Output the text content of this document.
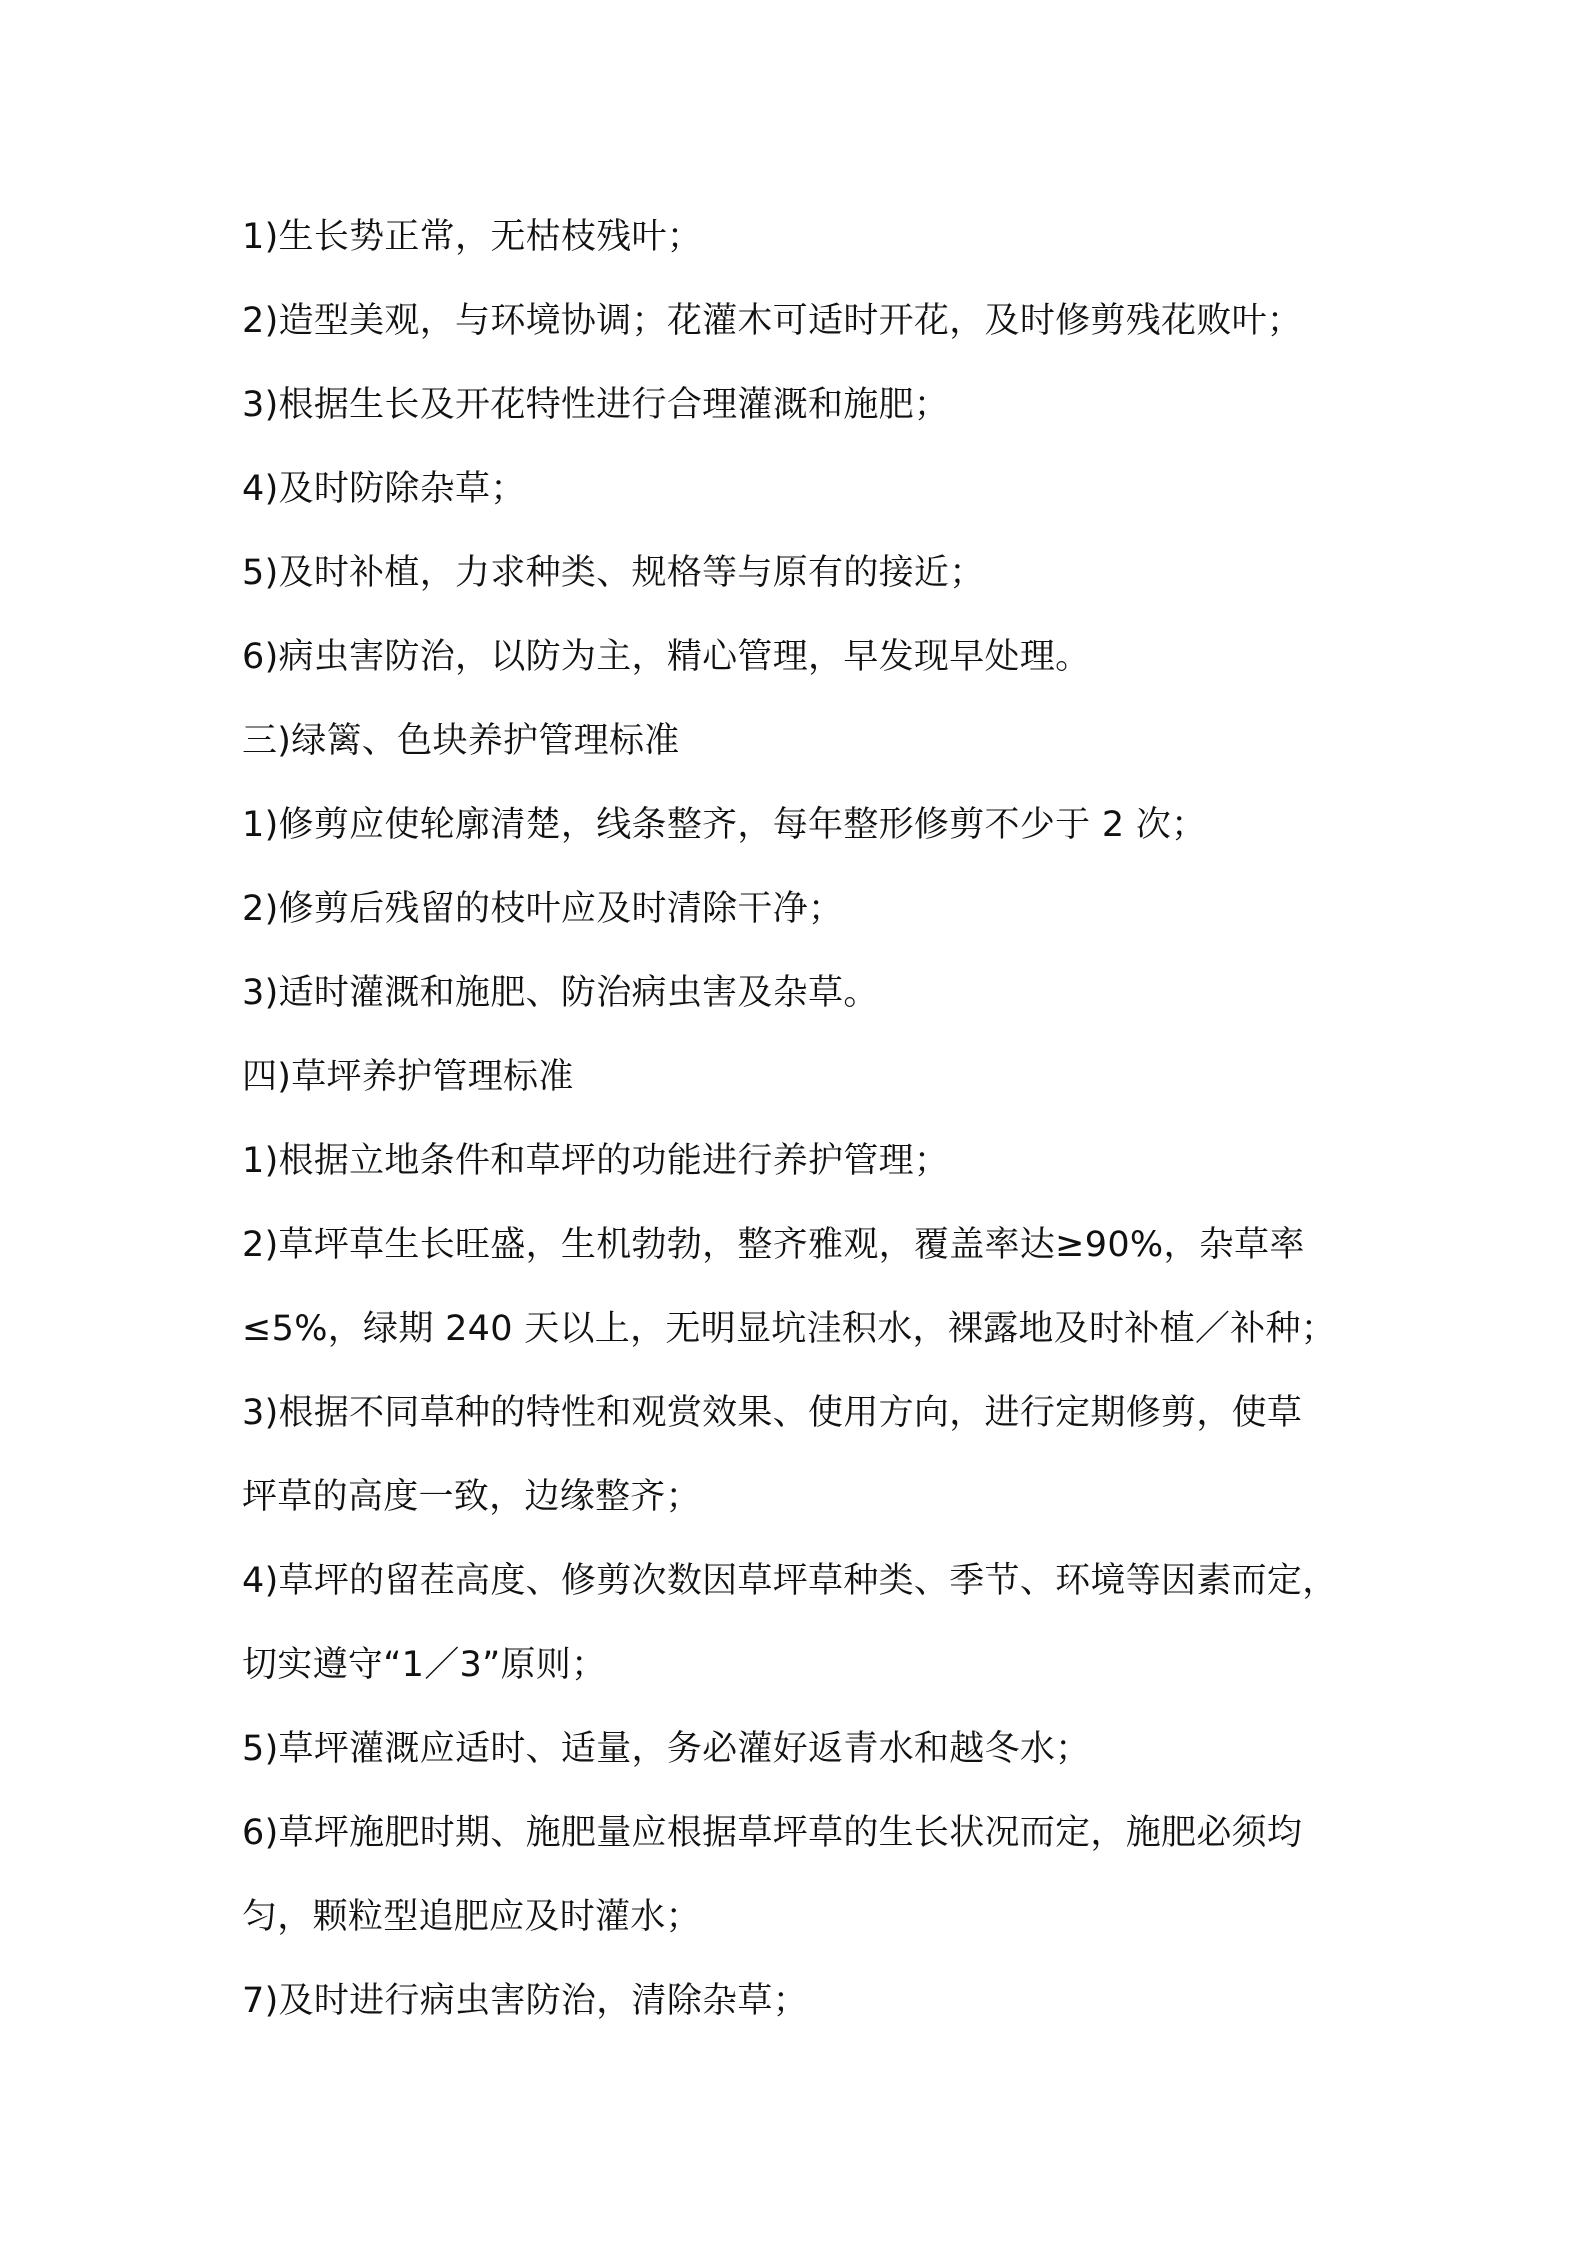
1)生长势正常，无枯枝残叶；
2)造型美观，与环境协调；花灌木可适时开花，及时修剪残花败叶；
3)根据生长及开花特性进行合理灌溉和施肥；
4)及时防除杂草；
5)及时补植，力求种类、规格等与原有的接近；
6)病虫害防治，以防为主，精心管理，早发现早处理。
三)绿篱、色块养护管理标准
1)修剪应使轮廓清楚，线条整齐，每年整形修剪不少于 2 次；
2)修剪后残留的枝叶应及时清除干净；
3)适时灌溉和施肥、防治病虫害及杂草。
四)草坪养护管理标准
1)根据立地条件和草坪的功能进行养护管理；
2)草坪草生长旺盛，生机勃勃，整齐雅观，覆盖率达≥90%，杂草率
≤5%，绿期 240 天以上，无明显坑洼积水，裸露地及时补植／补种；
3)根据不同草种的特性和观赏效果、使用方向，进行定期修剪，使草
坪草的高度一致，边缘整齐；
4)草坪的留茬高度、修剪次数因草坪草种类、季节、环境等因素而定，
切实遵守“1／3”原则；
5)草坪灌溉应适时、适量，务必灌好返青水和越冬水；
6)草坪施肥时期、施肥量应根据草坪草的生长状况而定，施肥必须均
匀，颗粒型追肥应及时灌水；
7)及时进行病虫害防治，清除杂草；
